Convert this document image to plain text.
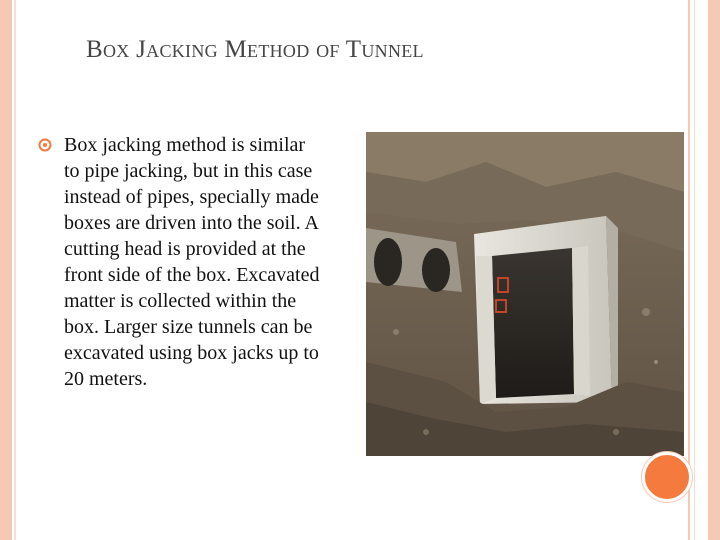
Box Jacking Method of Tunnel

Box jacking method is similar to pipe jacking, but in this case instead of pipes, specially made boxes are driven into the soil. A cutting head is provided at the front side of the box. Excavated matter is collected within the box. Larger size tunnels can be excavated using box jacks up to 20 meters.
